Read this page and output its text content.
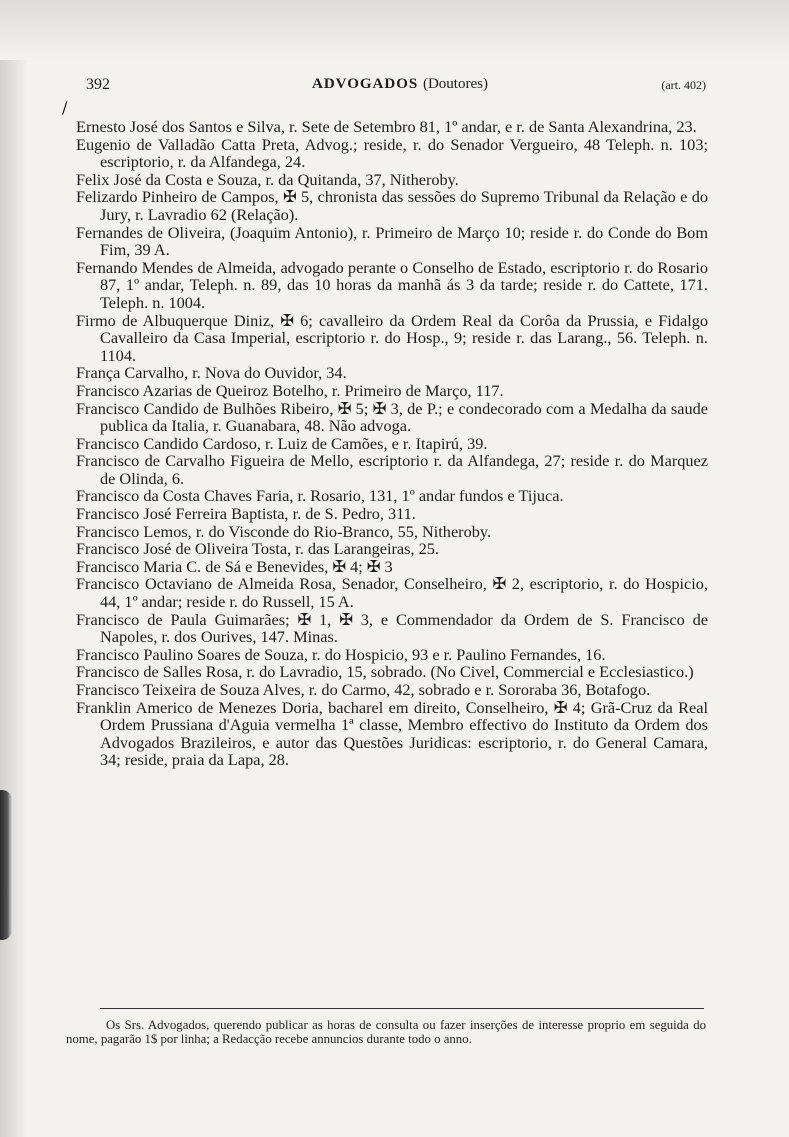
392	ADVOGADOS (Doutores)	(art. 402)
/

Ernesto José dos Santos e Silva, r. Sete de Setembro 81, 1º andar, e r. de Santa Alexandrina, 23.

Eugenio de Valladão Catta Preta, Advog.; reside, r. do Senador Vergueiro, 48 Teleph. n. 103; escriptorio, r. da Alfandega, 24.

Felix José da Costa e Souza, r. da Quitanda, 37, Nitheroby.

Felizardo Pinheiro de Campos, ✠ 5, chronista das sessões do Supremo Tribunal da Relação e do Jury, r. Lavradio 62 (Relação).

Fernandes de Oliveira, (Joaquim Antonio), r. Primeiro de Março 10; reside r. do Conde do Bom Fim, 39 A.

Fernando Mendes de Almeida, advogado perante o Conselho de Estado, escriptorio r. do Rosario 87, 1º andar, Teleph. n. 89, das 10 horas da manhã ás 3 da tarde; reside r. do Cattete, 171. Teleph. n. 1004.

Firmo de Albuquerque Diniz, ✠ 6; cavalleiro da Ordem Real da Corôa da Prussia, e Fidalgo Cavalleiro da Casa Imperial, escriptorio r. do Hosp., 9; reside r. das Larang., 56. Teleph. n. 1104.

França Carvalho, r. Nova do Ouvidor, 34.

Francisco Azarias de Queiroz Botelho, r. Primeiro de Março, 117.

Francisco Candido de Bulhões Ribeiro, ✠ 5; ✠ 3, de P.; e condecorado com a Medalha da saude publica da Italia, r. Guanabara, 48. Não advoga.

Francisco Candido Cardoso, r. Luiz de Camões, e r. Itapirú, 39.

Francisco de Carvalho Figueira de Mello, escriptorio r. da Alfandega, 27; reside r. do Marquez de Olinda, 6.

Francisco da Costa Chaves Faria, r. Rosario, 131, 1º andar fundos e Tijuca.

Francisco José Ferreira Baptista, r. de S. Pedro, 311.

Francisco Lemos, r. do Visconde do Rio-Branco, 55, Nitheroby.

Francisco José de Oliveira Tosta, r. das Larangeiras, 25.

Francisco Maria C. de Sá e Benevides, ✠ 4; ✠ 3

Francisco Octaviano de Almeida Rosa, Senador, Conselheiro, ✠ 2, escriptorio, r. do Hospicio, 44, 1º andar; reside r. do Russell, 15 A.

Francisco de Paula Guimarães; ✠ 1, ✠ 3, e Commendador da Ordem de S. Francisco de Napoles, r. dos Ourives, 147. Minas.

Francisco Paulino Soares de Souza, r. do Hospicio, 93 e r. Paulino Fernandes, 16.

Francisco de Salles Rosa, r. do Lavradio, 15, sobrado. (No Civel, Commercial e Ecclesiastico.)

Francisco Teixeira de Souza Alves, r. do Carmo, 42, sobrado e r. Sororaba 36, Botafogo.

Franklin Americo de Menezes Doria, bacharel em direito, Conselheiro, ✠ 4; Grã-Cruz da Real Ordem Prussiana d'Aguia vermelha 1ª classe, Membro effectivo do Instituto da Ordem dos Advogados Brazileiros, e autor das Questões Juridicas: escriptorio, r. do General Camara, 34; reside, praia da Lapa, 28.

Os Srs. Advogados, querendo publicar as horas de consulta ou fazer inserções de interesse proprio em seguida do nome, pagarão 1$ por linha; a Redacção recebe annuncios durante todo o anno.
